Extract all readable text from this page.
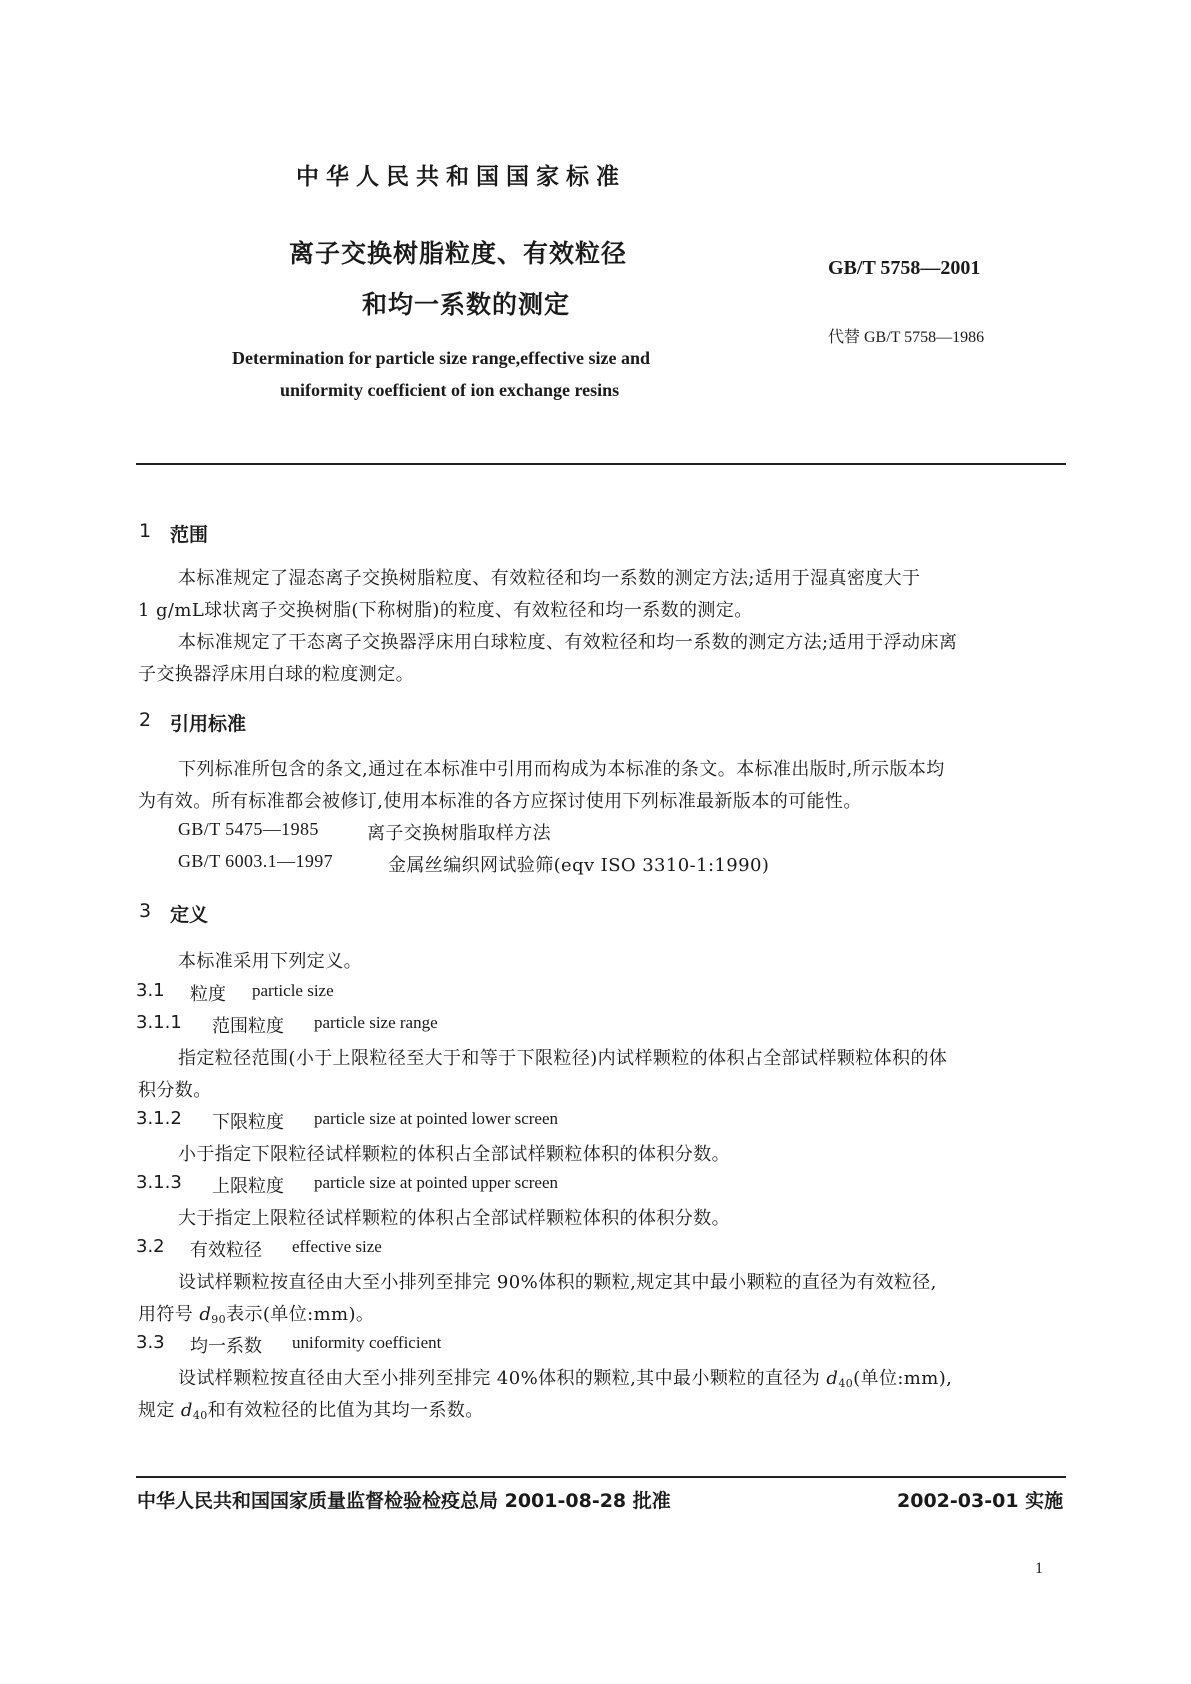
中华人民共和国国家标准
离子交换树脂粒度、有效粒径
和均一系数的测定
GB/T 5758—2001
代替 GB/T 5758—1986
Determination for particle size range,effective size and
uniformity coefficient of ion exchange resins
1 范围
本标准规定了湿态离子交换树脂粒度、有效粒径和均一系数的测定方法;适用于湿真密度大于
1 g/mL球状离子交换树脂(下称树脂)的粒度、有效粒径和均一系数的测定。
本标准规定了干态离子交换器浮床用白球粒度、有效粒径和均一系数的测定方法;适用于浮动床离
子交换器浮床用白球的粒度测定。
2 引用标准
下列标准所包含的条文,通过在本标准中引用而构成为本标准的条文。本标准出版时,所示版本均
为有效。所有标准都会被修订,使用本标准的各方应探讨使用下列标准最新版本的可能性。
GB/T 5475—1985	离子交换树脂取样方法
GB/T 6003.1—1997	金属丝编织网试验筛(eqv ISO 3310-1:1990)
3 定义
本标准采用下列定义。
3.1 粒度 particle size
3.1.1 范围粒度 particle size range
指定粒径范围(小于上限粒径至大于和等于下限粒径)内试样颗粒的体积占全部试样颗粒体积的体
积分数。
3.1.2 下限粒度 particle size at pointed lower screen
小于指定下限粒径试样颗粒的体积占全部试样颗粒体积的体积分数。
3.1.3 上限粒度 particle size at pointed upper screen
大于指定上限粒径试样颗粒的体积占全部试样颗粒体积的体积分数。
3.2 有效粒径 effective size
设试样颗粒按直径由大至小排列至排完 90%体积的颗粒,规定其中最小颗粒的直径为有效粒径,
用符号 $d_{90}$表示(单位:mm)。
3.3 均一系数 uniformity coefficient
设试样颗粒按直径由大至小排列至排完 40%体积的颗粒,其中最小颗粒的直径为 $d_{40}$(单位:mm),
规定 $d_{40}$和有效粒径的比值为其均一系数。
中华人民共和国国家质量监督检验检疫总局 2001-08-28 批准	2002-03-01 实施
1
